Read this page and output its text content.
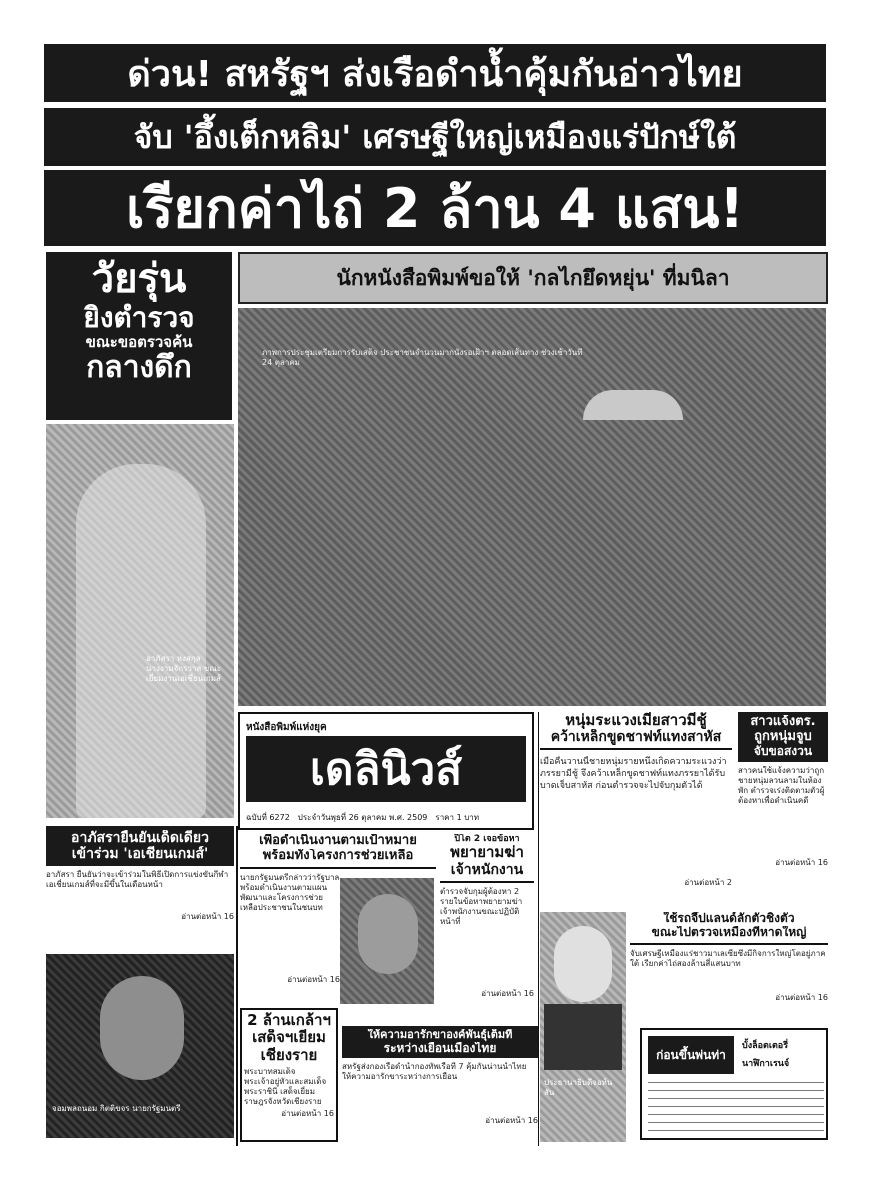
ด่วน! สหรัฐฯ ส่งเรือดำน้ำคุ้มกันอ่าวไทย
จับ 'อึ้งเต็กหลิม' เศรษฐีใหญ่เหมืองแร่ปักษ์ใต้
เรียกค่าไถ่ 2 ล้าน 4 แสน!
วัยรุ่น
ยิงตำรวจ
ขณะขอตรวจค้น
กลางดึก
อาภัสรา หงสกุล นางงามจักรวาล ขณะเยี่ยมงานเอเชี่ยนเกมส์
นักหนังสือพิมพ์ขอให้ 'กลไกยึดหยุ่น' ที่มนิลา
ภาพการประชุมเตรียมการรับเสด็จ ประชาชนจำนวนมากนั่งรอเฝ้าฯ ตลอดเส้นทาง ช่วงเช้าวันที่ 24 ตุลาคม
หนังสือพิมพ์แห่งยุค
เดลินิวส์
ฉบับที่ 6272 ประจำวันพุธที่ 26 ตุลาคม พ.ศ. 2509 ราคา 1 บาท
หนุ่มระแวงเมียสาวมีชู้
คว้าเหล็กขูดชาฟท์แทงสาหัส
เมื่อคืนวานนี้ชายหนุ่มรายหนึ่งเกิดความระแวงว่าภรรยามีชู้ จึงคว้าเหล็กขูดชาฟท์แทงภรรยาได้รับบาดเจ็บสาหัส ก่อนตำรวจจะไปจับกุมตัวได้
อ่านต่อหน้า 2
สาวแจ้งตร.
ถูกหนุ่มจูบ
จับขอสงวน
สาวคนใช้แจ้งความว่าถูกชายหนุ่มลวนลามในห้องพัก ตำรวจเร่งติดตามตัวผู้ต้องหาเพื่อดำเนินคดี
อ่านต่อหน้า 16
อาภัสรายืนยันเด็ดเดี่ยว
เข้าร่วม 'เอเชี่ยนเกมส์'
อาภัสรา ยืนยันว่าจะเข้าร่วมในพิธีเปิดการแข่งขันกีฬาเอเชี่ยนเกมส์ที่จะมีขึ้นในเดือนหน้า
อ่านต่อหน้า 16
จอมพลถนอม กิตติขจร นายกรัฐมนตรี
เพื่อดำเนินงานตามเป้าหมาย
พร้อมทั้งโครงการช่วยเหลือ
นายกรัฐมนตรีกล่าวว่ารัฐบาลพร้อมดำเนินงานตามแผนพัฒนาและโครงการช่วยเหลือประชาชนในชนบท
อ่านต่อหน้า 16
ปิโต 2 เจอข้อหา
พยายามฆ่า
เจ้าหนักงาน
ตำรวจจับกุมผู้ต้องหา 2 รายในข้อหาพยายามฆ่าเจ้าพนักงานขณะปฏิบัติหน้าที่
อ่านต่อหน้า 16
2 ล้านเกล้าฯ
เสด็จฯเยี่ยม
เชียงราย
พระบาทสมเด็จพระเจ้าอยู่หัวและสมเด็จพระราชินี เสด็จเยี่ยมราษฎรจังหวัดเชียงราย
อ่านต่อหน้า 16
ให้ความอารักขาองค์พันธุ์เต็มที่
ระหว่างเยือนเมืองไทย
สหรัฐส่งกองเรือดำน้ำกองทัพเรือที่ 7 คุ้มกันน่านน้ำไทย ให้ความอารักขาระหว่างการเยือน
อ่านต่อหน้า 16
ประธานาธิบดีจอห์นสัน
ใช้รถจี๊ปแลนด์ลักตัวชิงตัว
ขณะไปตรวจเหมืองที่หาดใหญ่
จับเศรษฐีเหมืองแร่ชาวมาเลเซียซึ่งมีกิจการใหญ่โตอยู่ภาคใต้ เรียกค่าไถ่สองล้านสี่แสนบาท
อ่านต่อหน้า 16
ก่อนขึ้นพ่นท่า
บั้งล็อตเตอรี่
นาฬิกาเรนจ์
